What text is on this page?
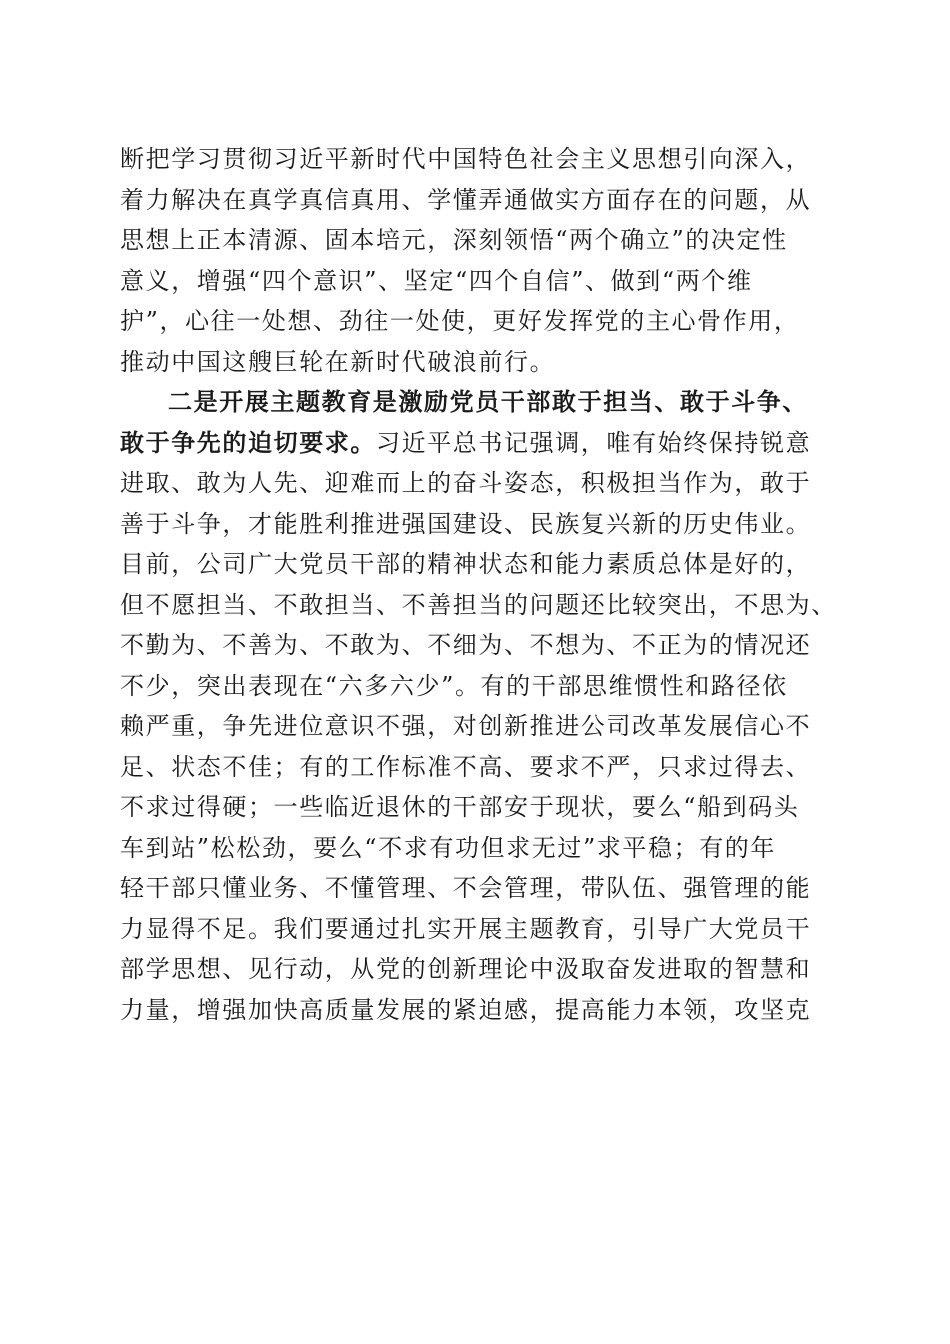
断把学习贯彻习近平新时代中国特色社会主义思想引向深入，
着力解决在真学真信真用、学懂弄通做实方面存在的问题，从
思想上正本清源、固本培元，深刻领悟“两个确立”的决定性
意义，增强“四个意识”、坚定“四个自信”、做到“两个维
护”，心往一处想、劲往一处使，更好发挥党的主心骨作用，
推动中国这艘巨轮在新时代破浪前行。
二是开展主题教育是激励党员干部敢于担当、敢于斗争、
敢于争先的迫切要求。习近平总书记强调，唯有始终保持锐意
进取、敢为人先、迎难而上的奋斗姿态，积极担当作为，敢于
善于斗争，才能胜利推进强国建设、民族复兴新的历史伟业。
目前，公司广大党员干部的精神状态和能力素质总体是好的，
但不愿担当、不敢担当、不善担当的问题还比较突出，不思为、
不勤为、不善为、不敢为、不细为、不想为、不正为的情况还
不少，突出表现在“六多六少”。有的干部思维惯性和路径依
赖严重，争先进位意识不强，对创新推进公司改革发展信心不
足、状态不佳；有的工作标准不高、要求不严，只求过得去、
不求过得硬；一些临近退休的干部安于现状，要么“船到码头
车到站”松松劲，要么“不求有功但求无过”求平稳；有的年
轻干部只懂业务、不懂管理、不会管理，带队伍、强管理的能
力显得不足。我们要通过扎实开展主题教育，引导广大党员干
部学思想、见行动，从党的创新理论中汲取奋发进取的智慧和
力量，增强加快高质量发展的紧迫感，提高能力本领，攻坚克
